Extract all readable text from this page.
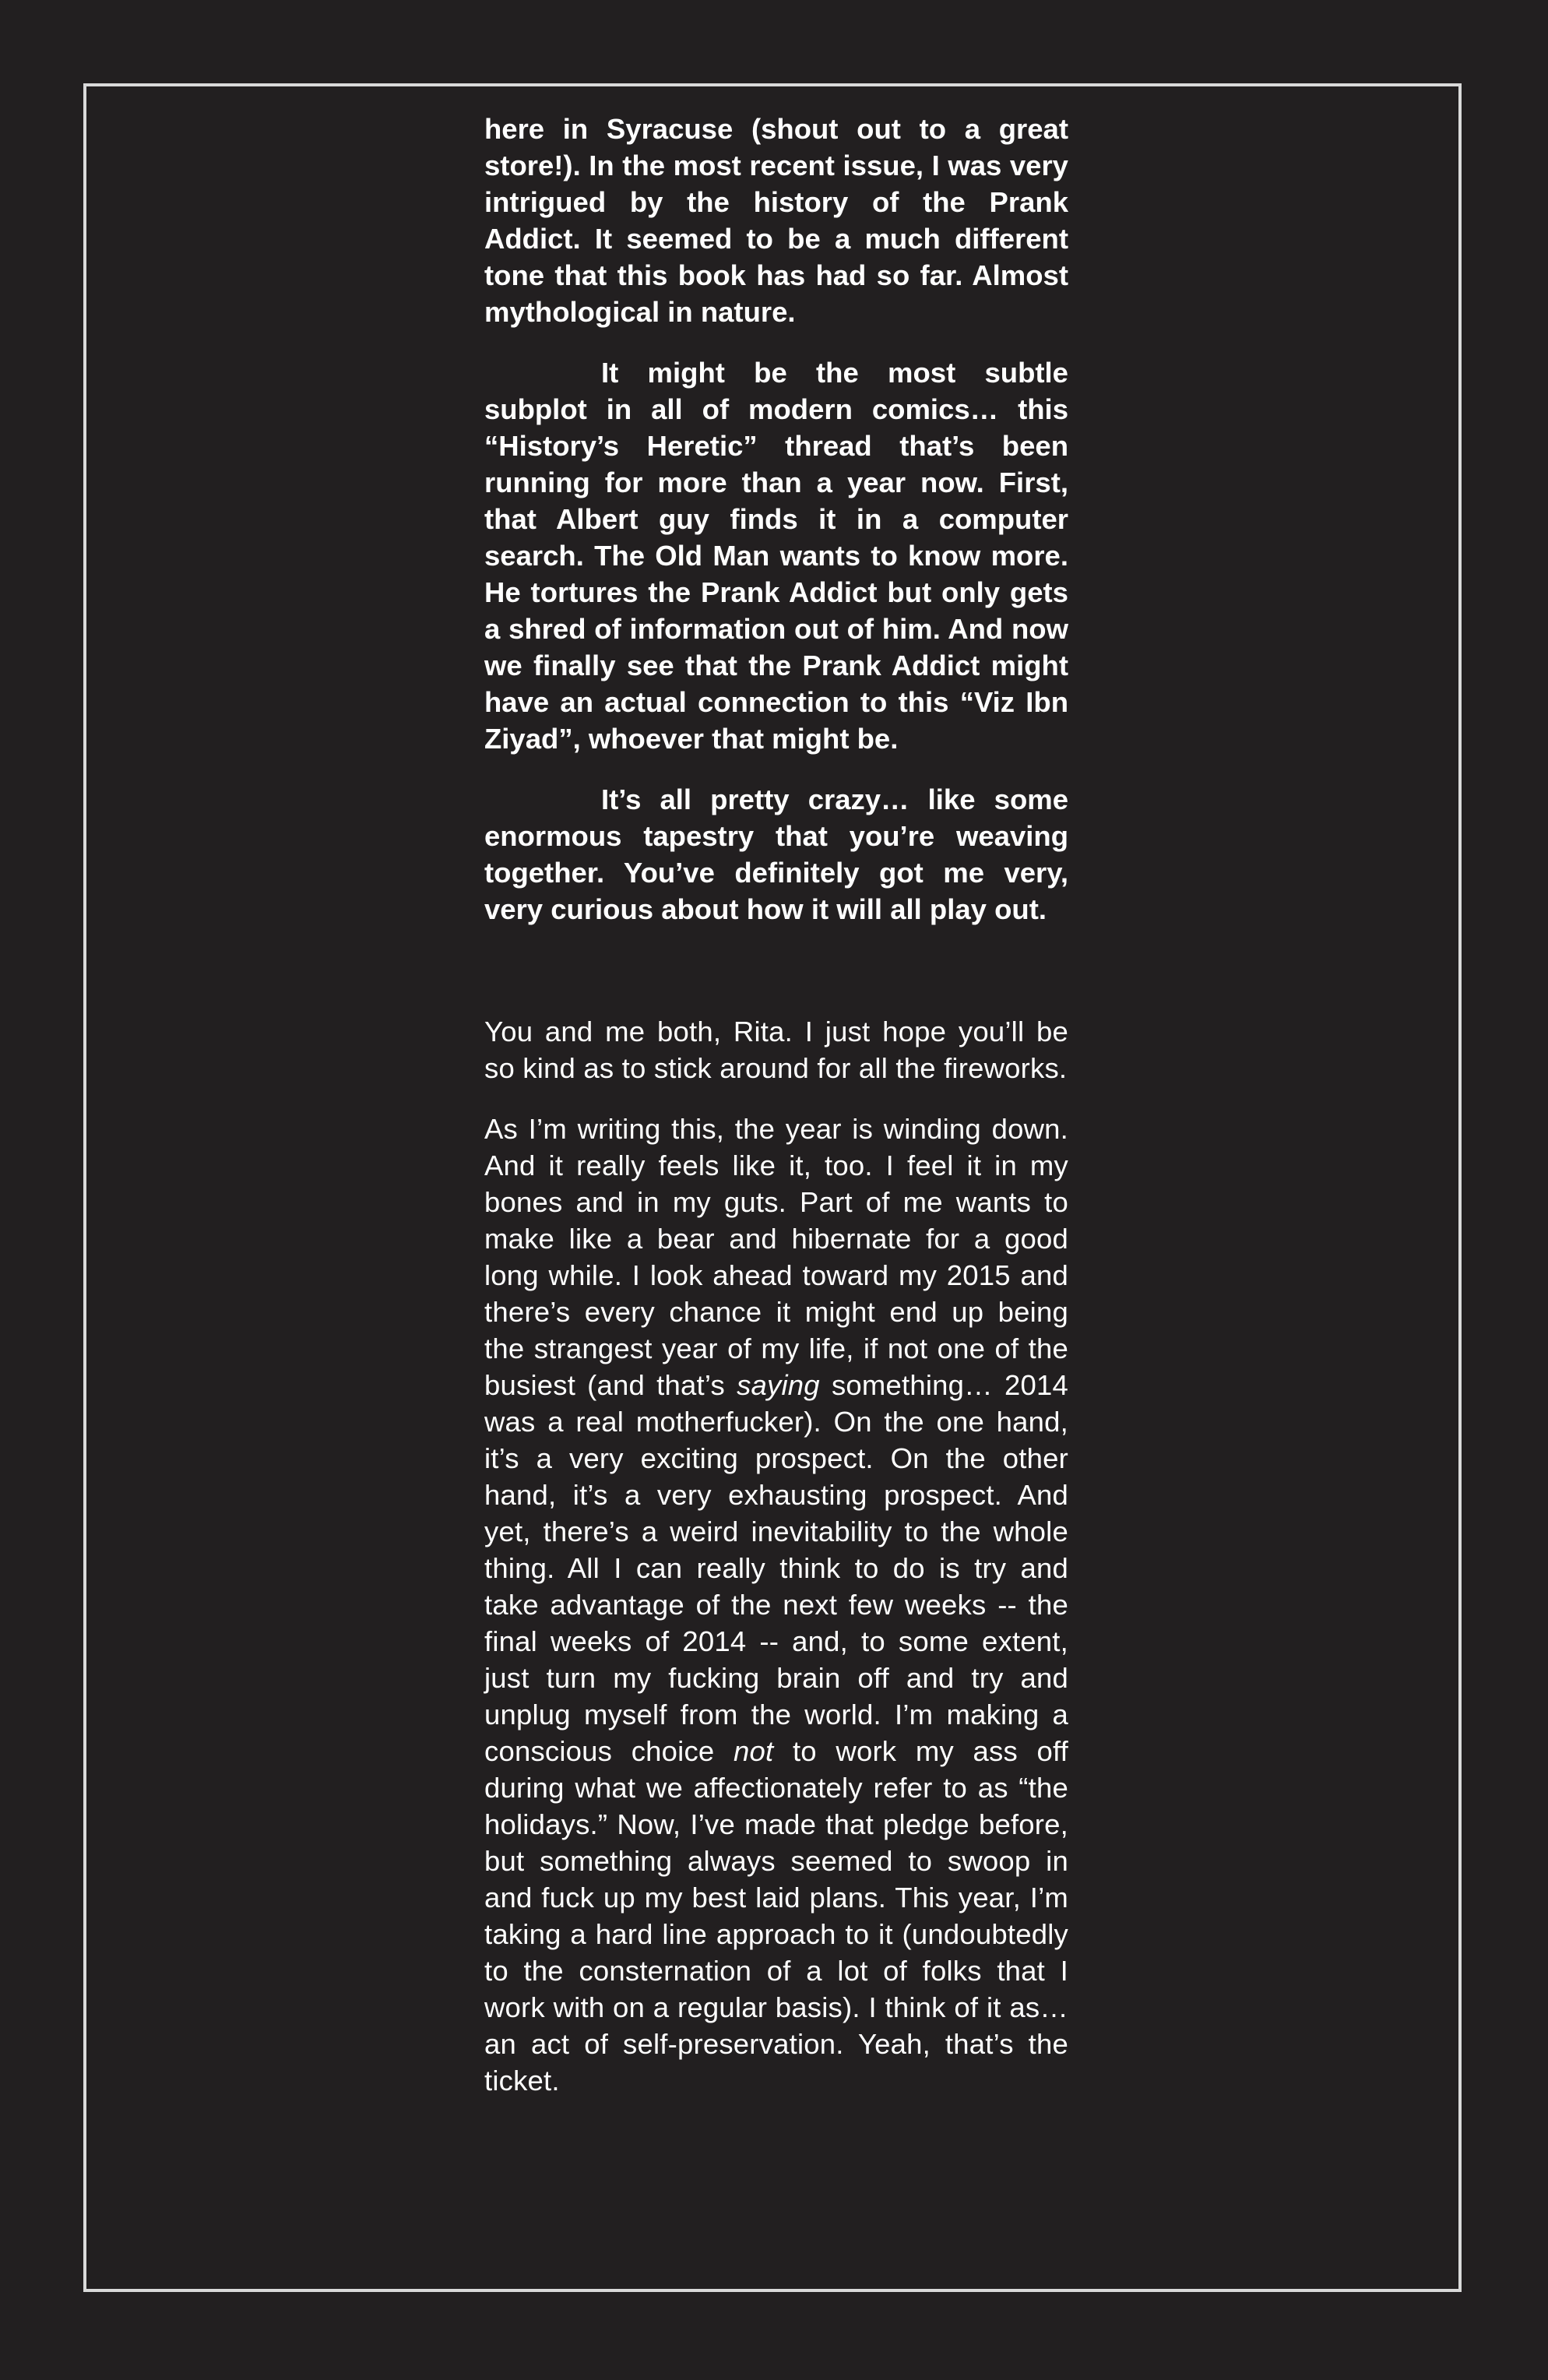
here in Syracuse (shout out to a great store!). In the most recent issue, I was very intrigued by the history of the Prank Addict. It seemed to be a much different tone that this book has had so far. Almost mythological in nature.

It might be the most subtle subplot in all of modern comics… this “History’s Heretic” thread that’s been running for more than a year now. First, that Albert guy finds it in a computer search. The Old Man wants to know more. He tortures the Prank Addict but only gets a shred of information out of him. And now we finally see that the Prank Addict might have an actual connection to this “Viz Ibn Ziyad”, whoever that might be.

It’s all pretty crazy… like some enormous tapestry that you’re weaving together. You’ve definitely got me very, very curious about how it will all play out.

You and me both, Rita. I just hope you’ll be so kind as to stick around for all the fireworks.

As I’m writing this, the year is winding down. And it really feels like it, too. I feel it in my bones and in my guts. Part of me wants to make like a bear and hibernate for a good long while. I look ahead toward my 2015 and there’s every chance it might end up being the strangest year of my life, if not one of the busiest (and that’s saying something… 2014 was a real motherfucker). On the one hand, it’s a very exciting prospect. On the other hand, it’s a very exhausting prospect. And yet, there’s a weird inevitability to the whole thing. All I can really think to do is try and take advantage of the next few weeks -- the final weeks of 2014 -- and, to some extent, just turn my fucking brain off and try and unplug myself from the world. I’m making a conscious choice not to work my ass off during what we affectionately refer to as “the holidays.” Now, I’ve made that pledge before, but something always seemed to swoop in and fuck up my best laid plans. This year, I’m taking a hard line approach to it (undoubtedly to the consternation of a lot of folks that I work with on a regular basis). I think of it as… an act of self-preservation. Yeah, that’s the ticket.
